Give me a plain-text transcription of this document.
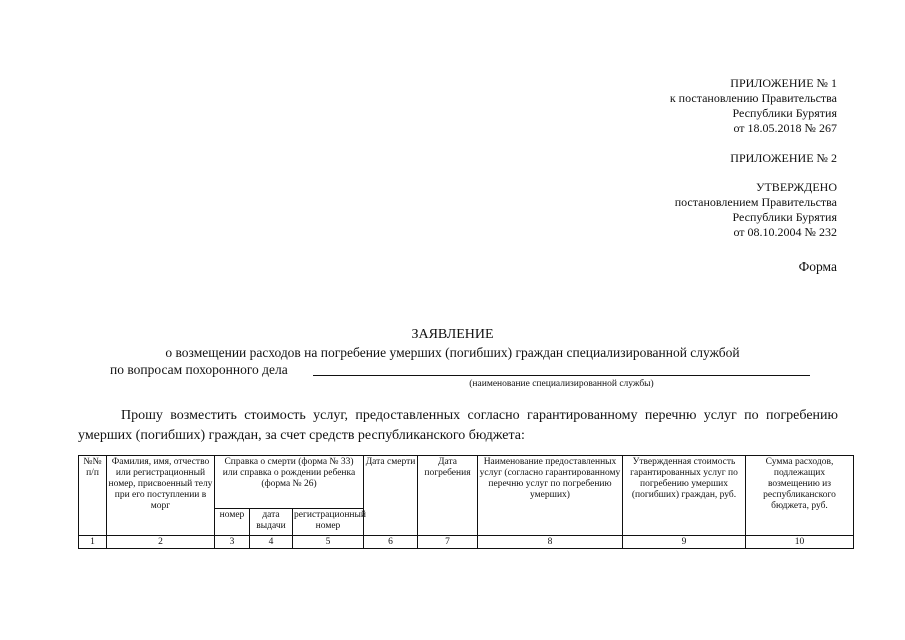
ПРИЛОЖЕНИЕ № 1
к постановлению Правительства
Республики Бурятия
от 18.05.2018 № 267
ПРИЛОЖЕНИЕ № 2
УТВЕРЖДЕНО
постановлением Правительства
Республики Бурятия
от 08.10.2004 № 232
Форма
ЗАЯВЛЕНИЕ
о возмещении расходов на погребение умерших (погибших) граждан специализированной службой
по вопросам похоронного дела
(наименование специализированной службы)
Прошу возместить стоимость услуг, предоставленных согласно гарантированному перечню услуг по погребению умерших (погибших) граждан, за счет средств республиканского бюджета:
№№ п/п	Фамилия, имя, отчество или регистрационный номер, присвоенный телу при его поступлении в морг	Справка о смерти (форма № 33) или справка о рождении ребенка (форма № 26)			Дата смерти	Дата погребения	Наименование предоставленных услуг (согласно гарантированному перечню услуг по погребению умерших)	Утвержденная стоимость гарантированных услуг по погребению умерших (погибших) граждан, руб.	Сумма расходов, подлежащих возмещению из республиканского бюджета, руб.
		номер	дата выдачи	регистрационный номер					
1	2	3	4	5	6	7	8	9	10
